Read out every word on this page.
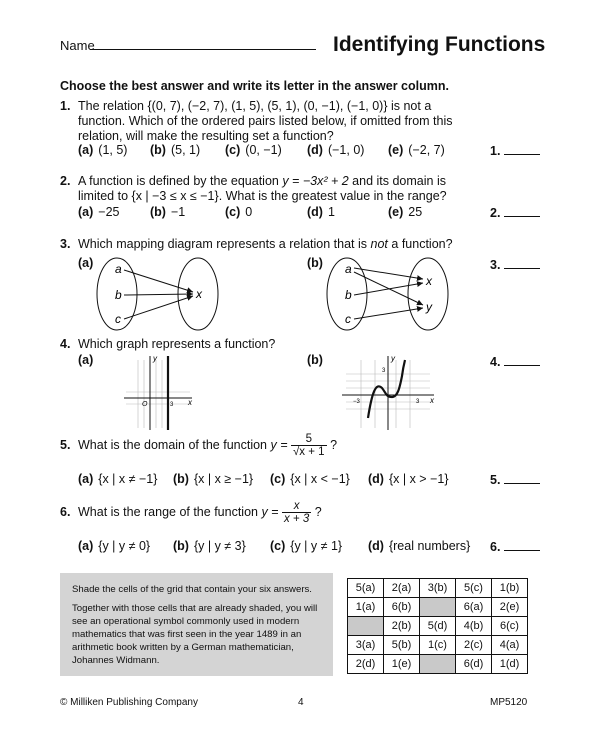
Name	Identifying Functions
Choose the best answer and write its letter in the answer column.
1. The relation {(0, 7), (−2, 7), (1, 5), (5, 1), (0, −1), (−1, 0)} is not a
function. Which of the ordered pairs listed below, if omitted from this
relation, will make the resulting set a function?
(a) (1, 5) (b) (5, 1) (c) (0, −1) (d) (−1, 0) (e) (−2, 7)	1.
2. A function is defined by the equation y = −3x² + 2 and its domain is
limited to {x | −3 ≤ x ≤ −1}. What is the greatest value in the range?
(a) −25 (b) −1	(c) 0	(d) 1	(e) 25	2.
3. Which mapping diagram represents a relation that is not a function?
(a)	(b)	3.
a
b
c
x
a
b
c
x
y
4. Which graph represents a function?
(a)	(b)	4.
y
x
O	3
y
x
−3	3
3
5. What is the domain of the function $y = \frac{5}{√x + 1}$ ?
(a) {x | x ≠ −1} (b) {x | x ≥ −1} (c) {x | x < −1} (d) {x | x > −1}	5.
6. What is the range of the function $y = \frac{x}{x + 3}$ ?
(a) {y | y ≠ 0} (b) {y | y ≠ 3} (c) {y | y ≠ 1} (d) {real numbers} 6.

Shade the cells of the grid that contain your six answers.

Together with those cells that are already shaded, you will see an operational symbol commonly used in modern mathematics that was first seen in the year 1489 in an arithmetic book written by a German mathematician, Johannes Widmann.

5(a)	2(a)	3(b)	5(c)	1(b)
1(a)	6(b)		6(a)	2(e)
	2(b)	5(d)	4(b)	6(c)
3(a)	5(b)	1(c)	2(c)	4(a)
2(d)	1(e)		6(d)	1(d)
© Milliken Publishing Company	4	MP5120
